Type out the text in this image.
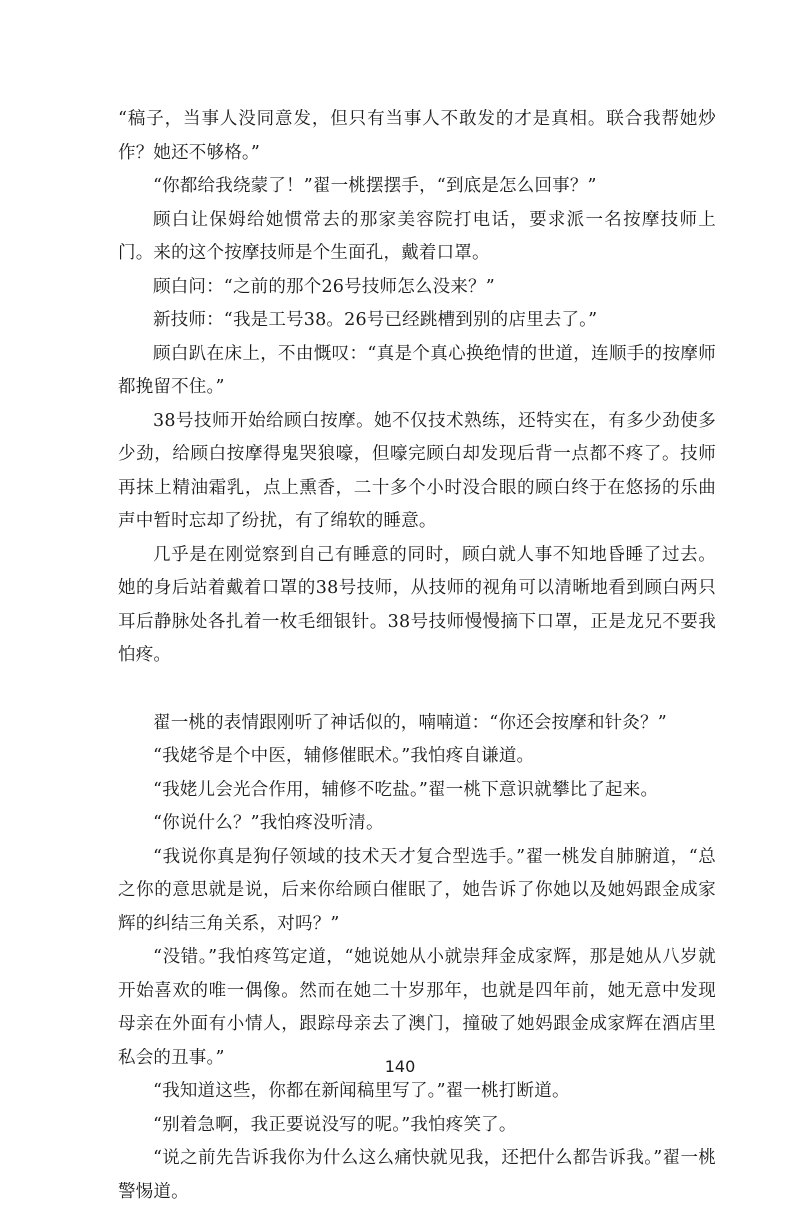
“稿子，当事人没同意发，但只有当事人不敢发的才是真相。联合我帮她炒作？她还不够格。”

“你都给我绕蒙了！”翟一桃摆摆手，“到底是怎么回事？”

顾白让保姆给她惯常去的那家美容院打电话，要求派一名按摩技师上门。来的这个按摩技师是个生面孔，戴着口罩。

顾白问：“之前的那个26号技师怎么没来？”

新技师：“我是工号38。26号已经跳槽到别的店里去了。”

顾白趴在床上，不由慨叹：“真是个真心换绝情的世道，连顺手的按摩师都挽留不住。”

38号技师开始给顾白按摩。她不仅技术熟练，还特实在，有多少劲使多少劲，给顾白按摩得鬼哭狼嚎，但嚎完顾白却发现后背一点都不疼了。技师再抹上精油霜乳，点上熏香，二十多个小时没合眼的顾白终于在悠扬的乐曲声中暂时忘却了纷扰，有了绵软的睡意。

几乎是在刚觉察到自己有睡意的同时，顾白就人事不知地昏睡了过去。她的身后站着戴着口罩的38号技师，从技师的视角可以清晰地看到顾白两只耳后静脉处各扎着一枚毛细银针。38号技师慢慢摘下口罩，正是龙兄不要我怕疼。

翟一桃的表情跟刚听了神话似的，喃喃道：“你还会按摩和针灸？”

“我姥爷是个中医，辅修催眠术。”我怕疼自谦道。

“我姥儿会光合作用，辅修不吃盐。”翟一桃下意识就攀比了起来。

“你说什么？”我怕疼没听清。

“我说你真是狗仔领域的技术天才复合型选手。”翟一桃发自肺腑道，“总之你的意思就是说，后来你给顾白催眠了，她告诉了你她以及她妈跟金成家辉的纠结三角关系，对吗？”

“没错。”我怕疼笃定道，“她说她从小就崇拜金成家辉，那是她从八岁就开始喜欢的唯一偶像。然而在她二十岁那年，也就是四年前，她无意中发现母亲在外面有小情人，跟踪母亲去了澳门，撞破了她妈跟金成家辉在酒店里私会的丑事。”

“我知道这些，你都在新闻稿里写了。”翟一桃打断道。

“别着急啊，我正要说没写的呢。”我怕疼笑了。

“说之前先告诉我你为什么这么痛快就见我，还把什么都告诉我。”翟一桃警惕道。

140
